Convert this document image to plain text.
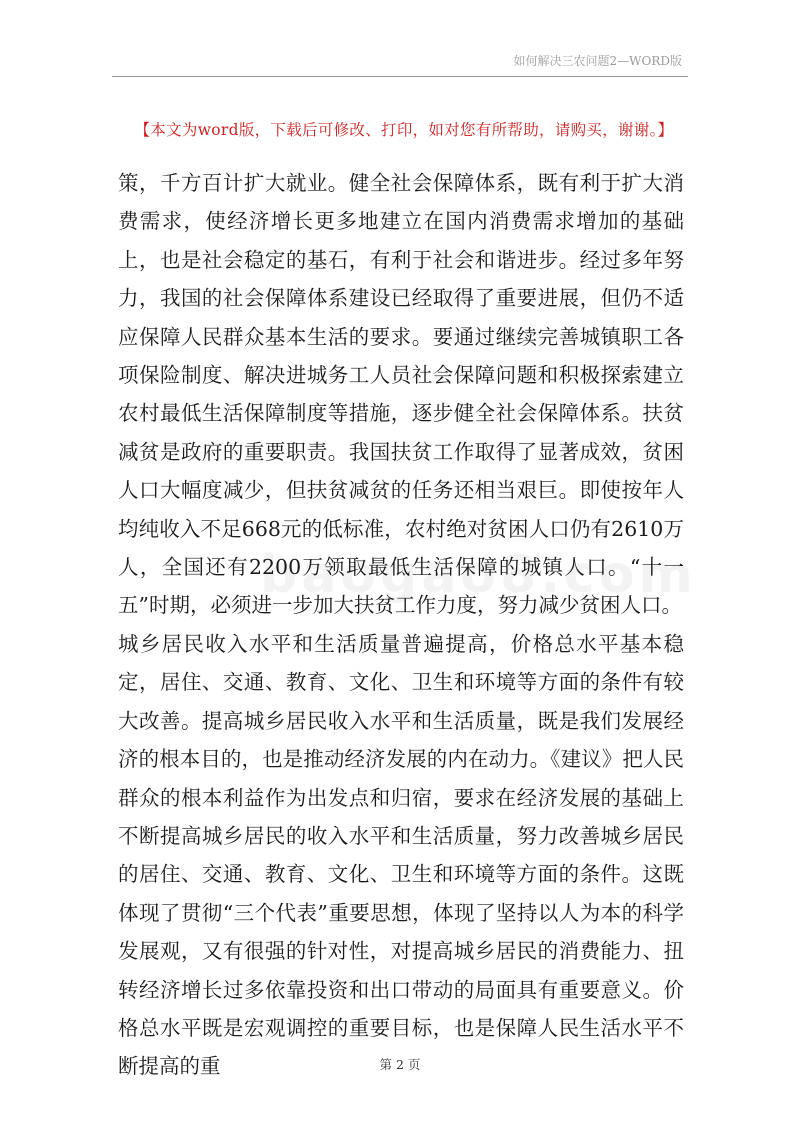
如何解决三农问题2—WORD版
【本文为word版，下载后可修改、打印，如对您有所帮助，请购买，谢谢。】

策，千方百计扩大就业。健全社会保障体系，既有利于扩大消费需求，使经济增长更多地建立在国内消费需求增加的基础上，也是社会稳定的基石，有利于社会和谐进步。经过多年努力，我国的社会保障体系建设已经取得了重要进展，但仍不适应保障人民群众基本生活的要求。要通过继续完善城镇职工各项保险制度、解决进城务工人员社会保障问题和积极探索建立农村最低生活保障制度等措施，逐步健全社会保障体系。扶贫减贫是政府的重要职责。我国扶贫工作取得了显著成效，贫困人口大幅度减少，但扶贫减贫的任务还相当艰巨。即使按年人均纯收入不足668元的低标准，农村绝对贫困人口仍有2610万人，全国还有2200万领取最低生活保障的城镇人口。“十一五”时期，必须进一步加大扶贫工作力度，努力减少贫困人口。

城乡居民收入水平和生活质量普遍提高，价格总水平基本稳定，居住、交通、教育、文化、卫生和环境等方面的条件有较大改善。提高城乡居民收入水平和生活质量，既是我们发展经济的根本目的，也是推动经济发展的内在动力。《建议》把人民群众的根本利益作为出发点和归宿，要求在经济发展的基础上不断提高城乡居民的收入水平和生活质量，努力改善城乡居民的居住、交通、教育、文化、卫生和环境等方面的条件。这既体现了贯彻“三个代表”重要思想，体现了坚持以人为本的科学发展观，又有很强的针对性，对提高城乡居民的消费能力、扭转经济增长过多依靠投资和出口带动的局面具有重要意义。价格总水平既是宏观调控的重要目标，也是保障人民生活水平不断提高的重	第 2 页
